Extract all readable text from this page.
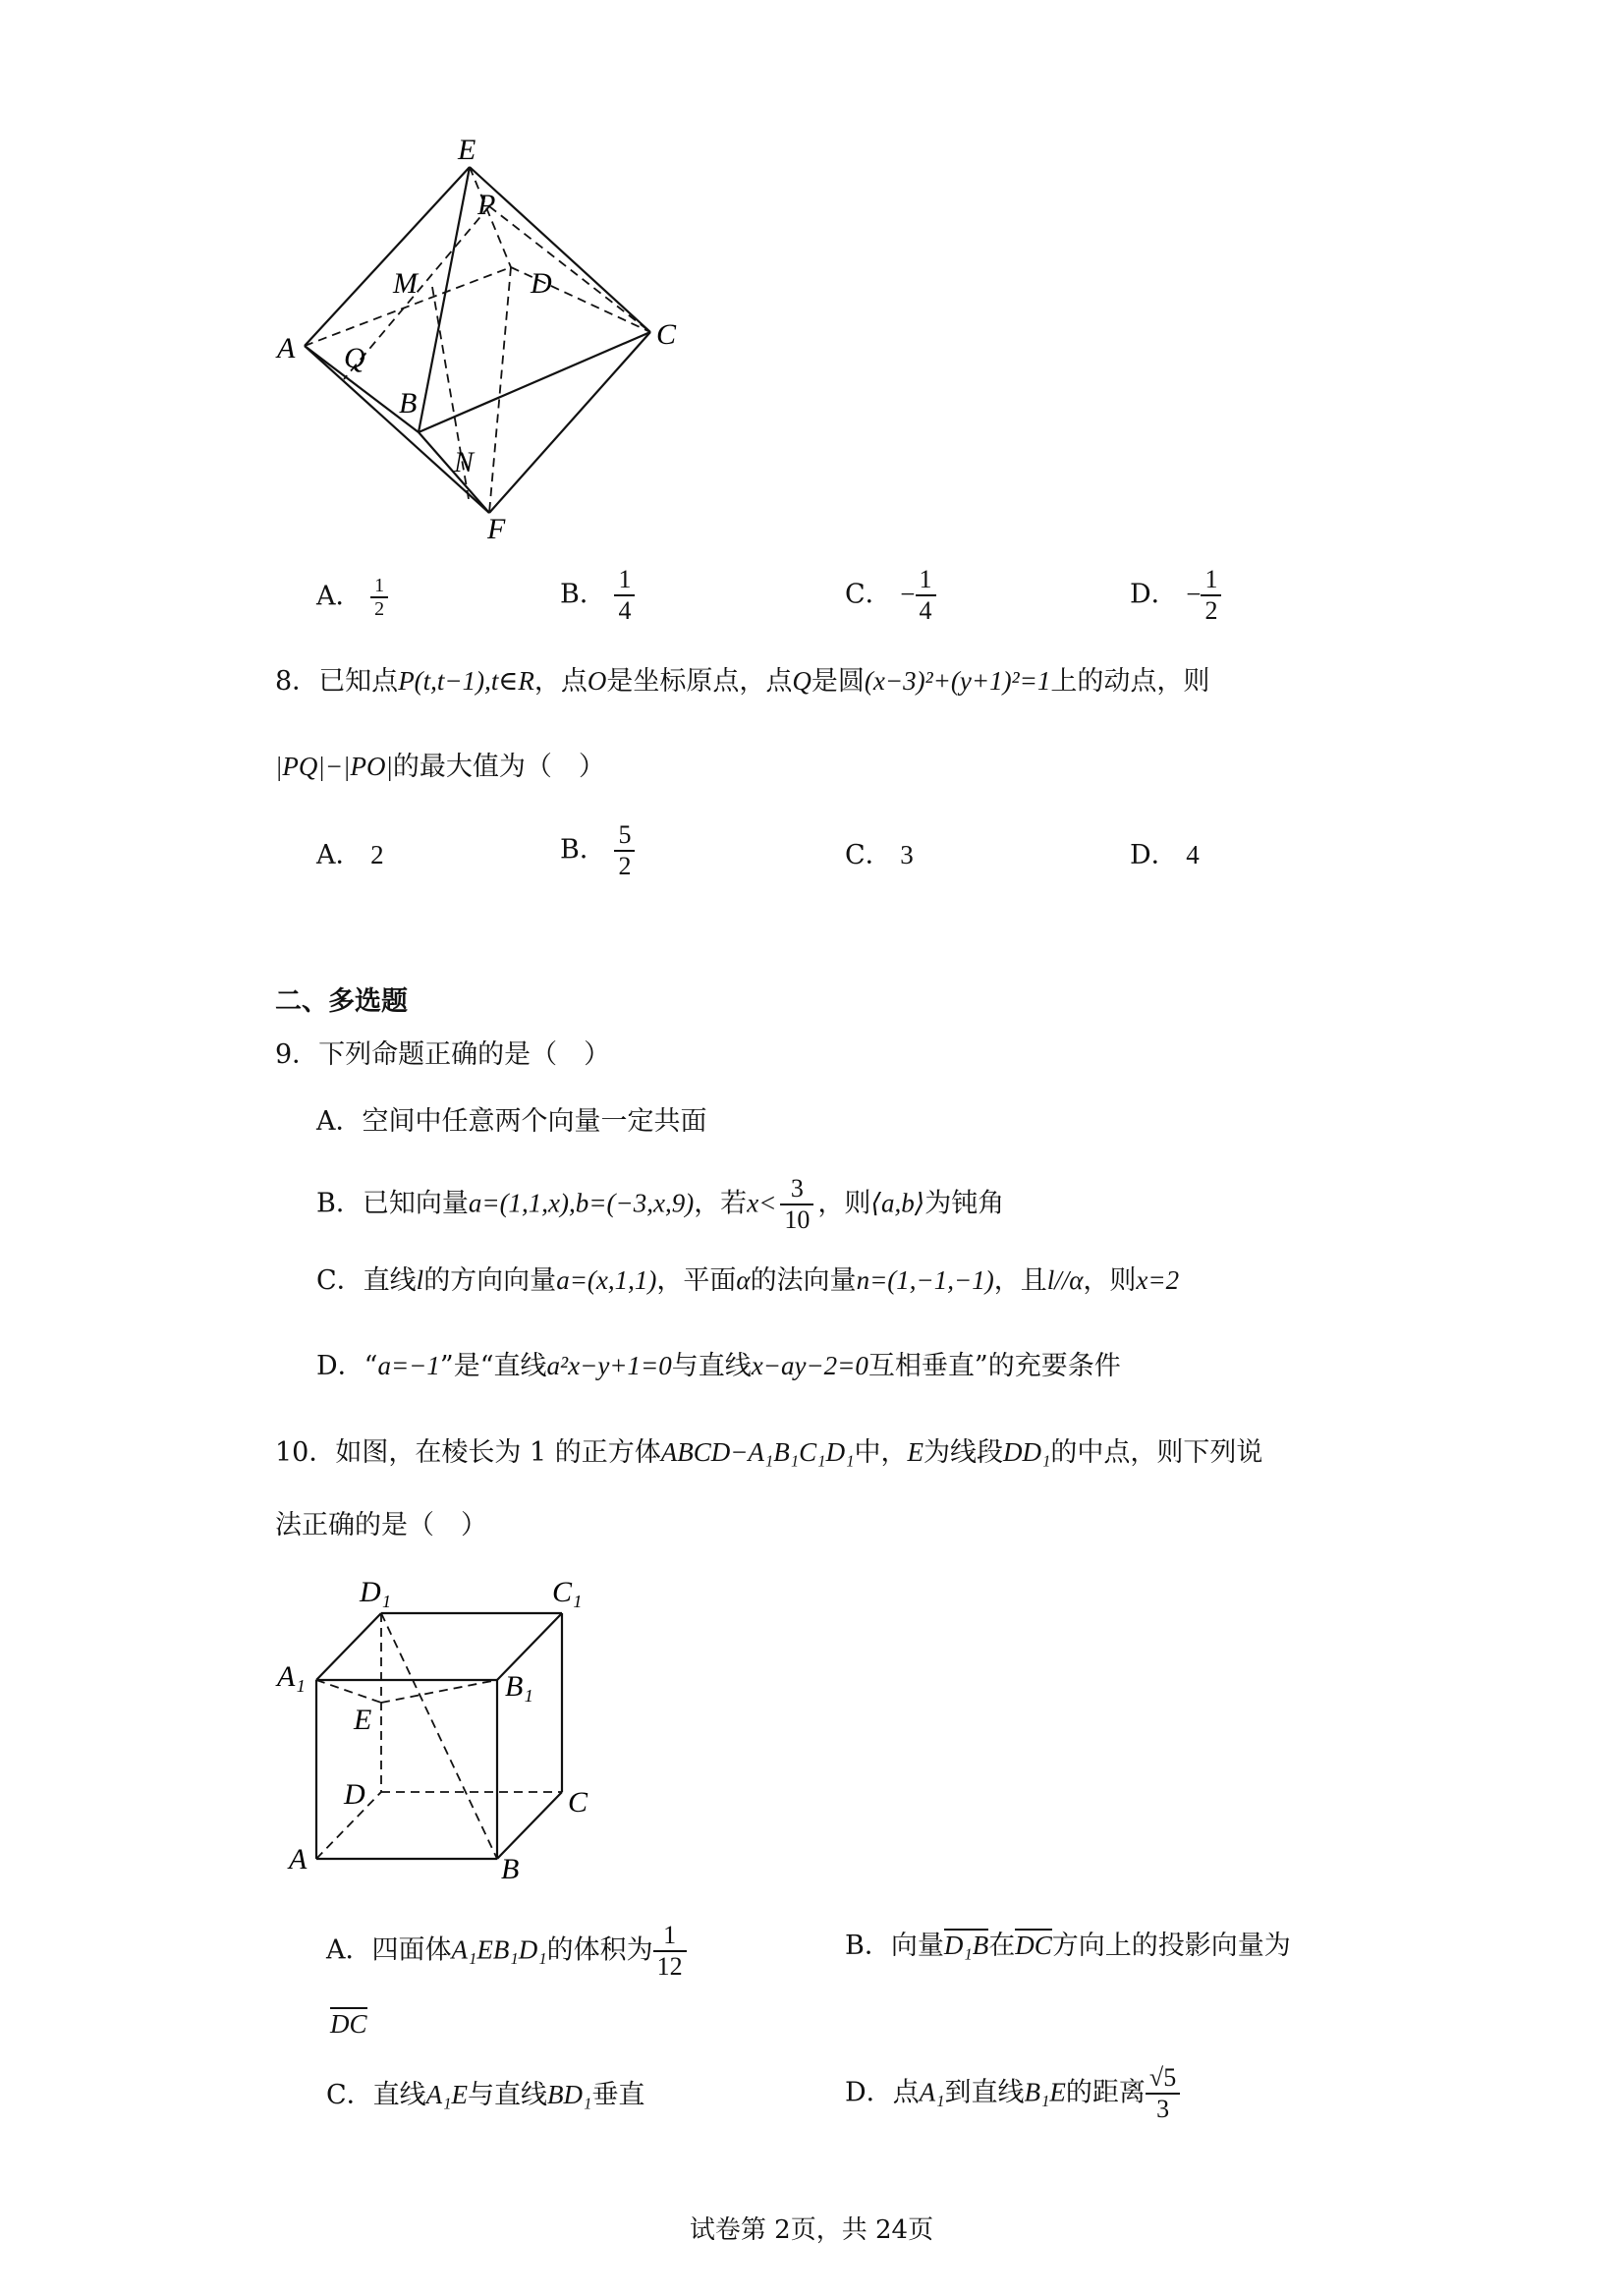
E
P
M	D
A Q
C
B
N
F
A． $\frac{1}{2}$	B． $\frac{1}{4}$	C． − $\frac{1}{4}$	D． − $\frac{1}{2}$
8．已知点P(t,t−1),t∈R，点O是坐标原点，点Q是圆(x−3)²+(y+1)²=1上的动点，则
|PQ|−|PO|的最大值为（　）
A． 2	B． $\frac{5}{2}$	C． 3	D． 4
二、多选题
9．下列命题正确的是（　）
A．空间中任意两个向量一定共面
B．已知向量a=(1,1,x),b=(−3,x,9)，若$x< \frac{3}{10}$ ，则⟨a,b⟩为钝角
C．直线l的方向向量a=(x,1,1)，平面α的法向量n=(1,−1,−1)，且l//α，则x=2
D．“a=−1”是“直线a²x−y+1=0与直线x−ay−2=0互相垂直”的充要条件
10．如图，在棱长为 1 的正方体ABCD−A₁B₁C₁D₁中，E为线段DD₁的中点，则下列说
法正确的是（　）
D₁	C₁
A₁	B₁
E
D	C
A	B
A．四面体A₁EB₁D₁的体积为 $\frac{1}{12}$	B．向量D₁B在DC方向上的投影向量为
DC
C．直线A₁E与直线BD₁垂直	D．点A₁到直线B₁E的距离 $\frac{√5}{3}$
试卷第 2页，共 24页
